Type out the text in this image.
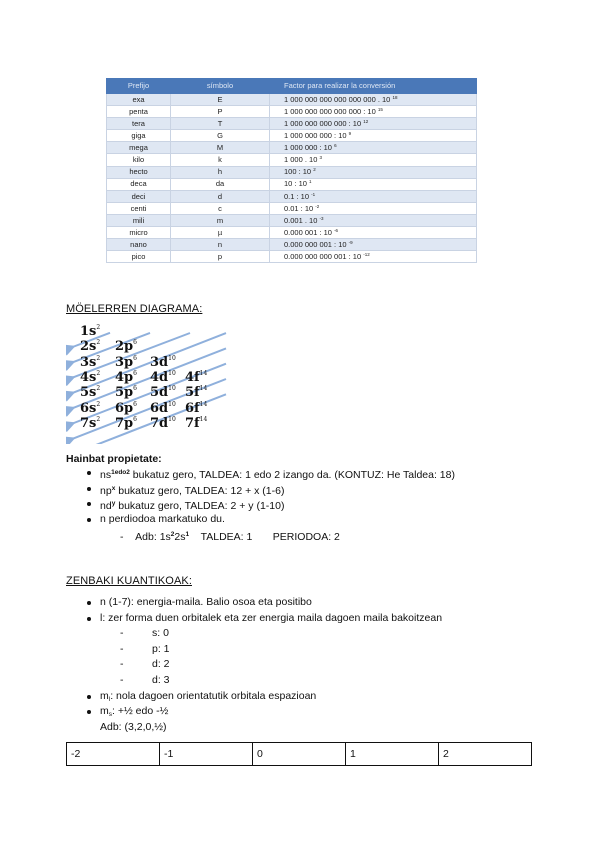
Prefijo	símbolo	Factor para realizar la conversión
exa	E	1 000 000 000 000 000 000 . 10 $^{18}$
penta	P	1 000 000 000 000 000 : 10 $^{15}$
tera	T	1 000 000 000 000 : 10 $^{12}$
giga	G	1 000 000 000 : 10 $^9$
mega	M	1 000 000 : 10 $^6$
kilo	k	1 000 . 10 $^3$
hecto	h	100 : 10 $^2$
deca	da	10 : 10 $^1$
deci	d	0.1 : 10 $^{-1}$
centi	c	0.01 : 10 $^{-2}$
mili	m	0.001 . 10 $^{-3}$
micro	µ	0.000 001 : 10 $^{-6}$
nano	n	0.000 000 001 : 10 $^{-9}$
pico	p	0.000 000 000 001 : 10 $^{-12}$
MÖELERREN DIAGRAMA:
$1s^2$
$2s^2$ $2p^6$
$3s^2$ $3p^6$ $3d^{10}$
$4s^2$ $4p^6$ $4d^{10}$ $4f^{14}$
$5s^2$ $5p^6$ $5d^{10}$ $5f^{14}$
$6s^2$ $6p^6$ $6d^{10}$ $6f^{14}$
$7s^2$ $7p^6$ $7d^{10}$ $7f^{14}$
Hainbat propietate:
$ns^{1edo2}$ bukatuz gero, TALDEA: 1 edo 2 izango da. (KONTUZ: He Taldea: 18)
$np^x$ bukatuz gero, TALDEA: 12 + x (1-6)
$nd^y$ bukatuz gero, TALDEA: 2 + y (1-10)
n perdiodoa markatuko du.
- Adb: $1s^22s^1$    TALDEA: 1       PERIODOA: 2
ZENBAKI KUANTIKOAK:
n (1-7): energia-maila. Balio osoa eta positibo
l: zer forma duen orbitalek eta zer energia maila dagoen maila bakoitzean
-	s: 0
-	p: 1
-	d: 2
-	d: 3
ml: nola dagoen orientatutik orbitala espazioan
ms: +½ edo -½
Adb: (3,2,0,½)
-2	-1	0	1	2
